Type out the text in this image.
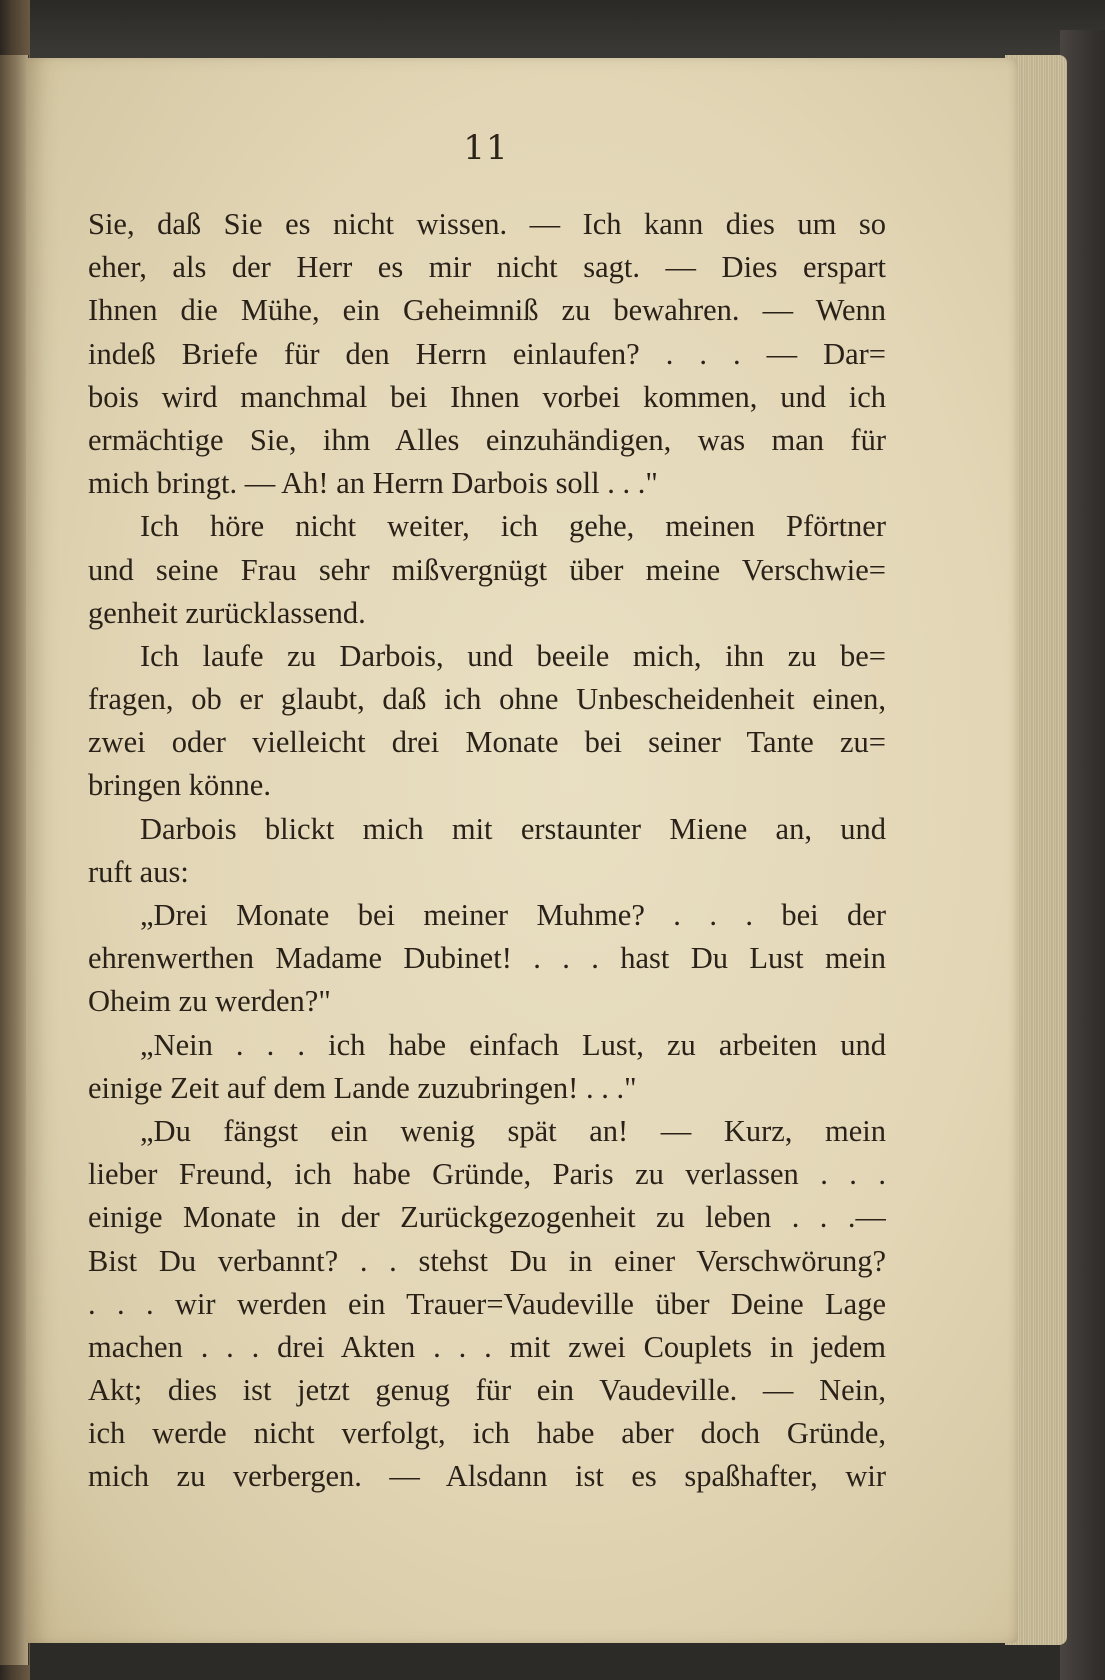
11
Sie, daß Sie es nicht wissen. — Ich kann dies um so
eher, als der Herr es mir nicht sagt. — Dies erspart
Ihnen die Mühe, ein Geheimniß zu bewahren. — Wenn
indeß Briefe für den Herrn einlaufen? . . . — Dar=
bois wird manchmal bei Ihnen vorbei kommen, und ich
ermächtige Sie, ihm Alles einzuhändigen, was man für
mich bringt. — Ah! an Herrn Darbois soll . . ."
Ich höre nicht weiter, ich gehe, meinen Pförtner
und seine Frau sehr mißvergnügt über meine Verschwie=
genheit zurücklassend.
Ich laufe zu Darbois, und beeile mich, ihn zu be=
fragen, ob er glaubt, daß ich ohne Unbescheidenheit einen,
zwei oder vielleicht drei Monate bei seiner Tante zu=
bringen könne.
Darbois blickt mich mit erstaunter Miene an, und
ruft aus:
„Drei Monate bei meiner Muhme? . . . bei der
ehrenwerthen Madame Dubinet! . . . hast Du Lust mein
Oheim zu werden?"
„Nein . . . ich habe einfach Lust, zu arbeiten und
einige Zeit auf dem Lande zuzubringen! . . ."
„Du fängst ein wenig spät an! — Kurz, mein
lieber Freund, ich habe Gründe, Paris zu verlassen . . .
einige Monate in der Zurückgezogenheit zu leben . . .—
Bist Du verbannt? . . stehst Du in einer Verschwörung?
. . . wir werden ein Trauer=Vaudeville über Deine Lage
machen . . . drei Akten . . . mit zwei Couplets in jedem
Akt; dies ist jetzt genug für ein Vaudeville. — Nein,
ich werde nicht verfolgt, ich habe aber doch Gründe,
mich zu verbergen. — Alsdann ist es spaßhafter, wir
